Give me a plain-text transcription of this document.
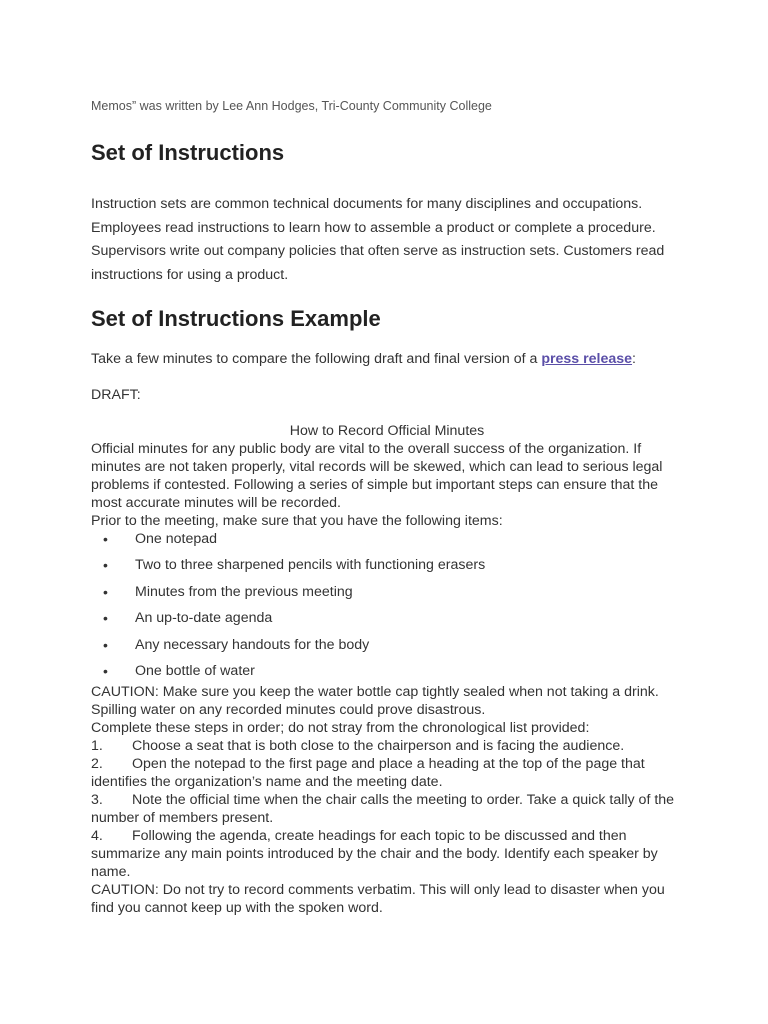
Memos” was written by Lee Ann Hodges, Tri-County Community College
Set of Instructions

Instruction sets are common technical documents for many disciplines and occupations. Employees read instructions to learn how to assemble a product or complete a procedure. Supervisors write out company policies that often serve as instruction sets. Customers read instructions for using a product.

Set of Instructions Example
Take a few minutes to compare the following draft and final version of a press release:
DRAFT:

How to Record Official Minutes

Official minutes for any public body are vital to the overall success of the organization. If minutes are not taken properly, vital records will be skewed, which can lead to serious legal problems if contested. Following a series of simple but important steps can ensure that the most accurate minutes will be recorded.

Prior to the meeting, make sure that you have the following items:

• One notepad
• Two to three sharpened pencils with functioning erasers
• Minutes from the previous meeting
• An up-to-date agenda
• Any necessary handouts for the body
• One bottle of water

CAUTION: Make sure you keep the water bottle cap tightly sealed when not taking a drink. Spilling water on any recorded minutes could prove disastrous.

Complete these steps in order; do not stray from the chronological list provided:

1. Choose a seat that is both close to the chairperson and is facing the audience.
2. Open the notepad to the first page and place a heading at the top of the page that identifies the organization’s name and the meeting date.
3. Note the official time when the chair calls the meeting to order. Take a quick tally of the number of members present.
4. Following the agenda, create headings for each topic to be discussed and then summarize any main points introduced by the chair and the body. Identify each speaker by name.

CAUTION: Do not try to record comments verbatim. This will only lead to disaster when you find you cannot keep up with the spoken word.
